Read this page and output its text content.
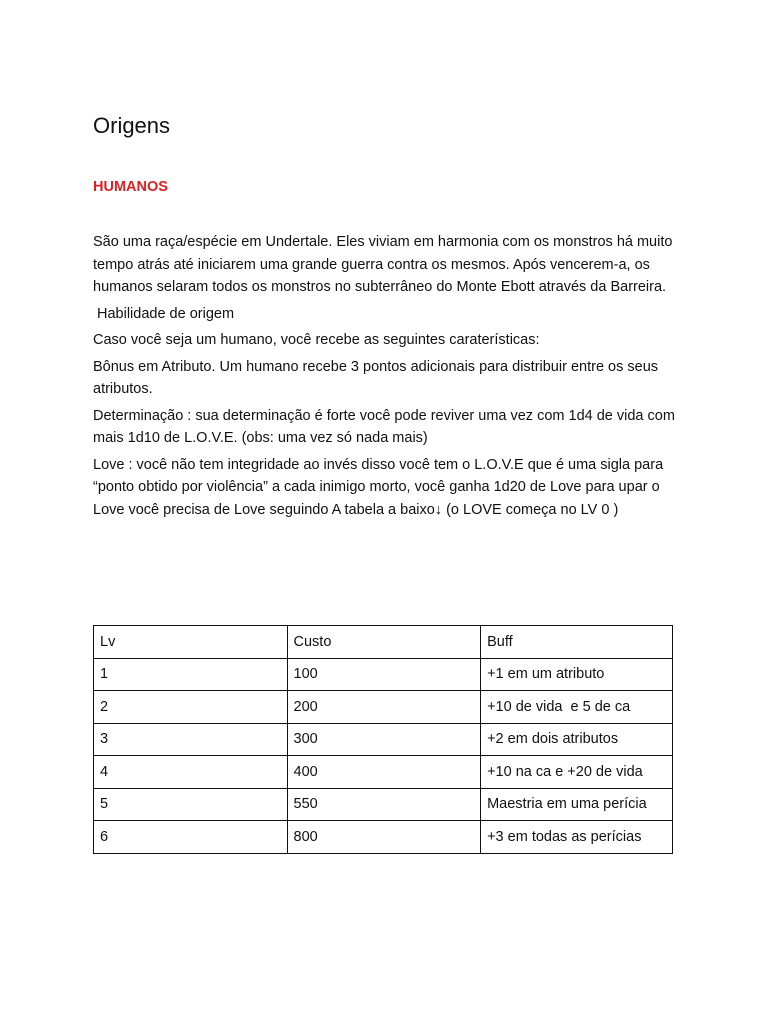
Origens
HUMANOS

São uma raça/espécie em Undertale. Eles viviam em harmonia com os monstros há muito tempo atrás até iniciarem uma grande guerra contra os mesmos. Após vencerem-a, os humanos selaram todos os monstros no subterrâneo do Monte Ebott através da Barreira.

Habilidade de origem

Caso você seja um humano, você recebe as seguintes caraterísticas:

Bônus em Atributo. Um humano recebe 3 pontos adicionais para distribuir entre os seus atributos.

Determinação : sua determinação é forte você pode reviver uma vez com 1d4 de vida com mais 1d10 de L.O.V.E. (obs: uma vez só nada mais)

Love : você não tem integridade ao invés disso você tem o L.O.V.E que é uma sigla para “ponto obtido por violência” a cada inimigo morto, você ganha 1d20 de Love para upar o Love você precisa de Love seguindo A tabela a baixo↓ (o LOVE começa no LV 0 )

Lv	Custo	Buff
1	100	+1 em um atributo
2	200	+10 de vida  e 5 de ca
3	300	+2 em dois atributos
4	400	+10 na ca e +20 de vida
5	550	Maestria em uma perícia
6	800	+3 em todas as perícias
